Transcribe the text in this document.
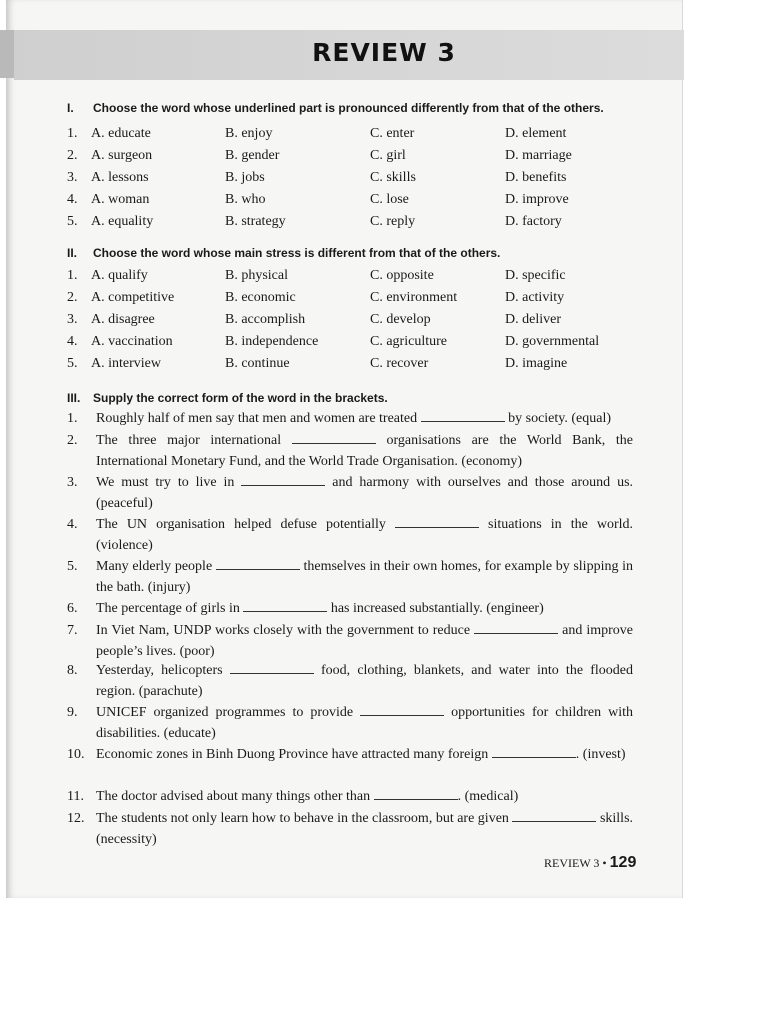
REVIEW 3
I. Choose the word whose underlined part is pronounced differently from that of the others.
1. A. educate	B. enjoy	C. enter	D. element
2. A. surgeon	B. gender	C. girl	D. marriage
3. A. lessons	B. jobs	C. skills	D. benefits
4. A. woman	B. who	C. lose	D. improve
5. A. equality	B. strategy	C. reply	D. factory
II. Choose the word whose main stress is different from that of the others.
1. A. qualify	B. physical	C. opposite	D. specific
2. A. competitive	B. economic	C. environment	D. activity
3. A. disagree	B. accomplish	C. develop	D. deliver
4. A. vaccination	B. independence	C. agriculture	D. governmental
5. A. interview	B. continue	C. recover	D. imagine
III. Supply the correct form of the word in the brackets.
1.	Roughly half of men say that men and women are treated	by society. (equal)
2.	The three major international	organisations are the World Bank, the International Monetary Fund, and the World Trade Organisation. (economy)
3.	We must try to live in	and harmony with ourselves and those around us. (peaceful)
4.	The UN organisation helped defuse potentially	situations in the world. (violence)
5.	Many elderly people	themselves in their own homes, for example by slipping in the bath. (injury)
6.	The percentage of girls in	has increased substantially. (engineer)
7.	In Viet Nam, UNDP works closely with the government to reduce	and improve people’s lives. (poor)
8.	Yesterday, helicopters	food, clothing, blankets, and water into the flooded region. (parachute)
9.	UNICEF organized programmes to provide	opportunities for children with disabilities. (educate)
10. Economic zones in Binh Duong Province have attracted many foreign	. (invest)
11. The doctor advised about many things other than	. (medical)
12. The students not only learn how to behave in the classroom, but are given	skills. (necessity)
REVIEW 3 • 129
